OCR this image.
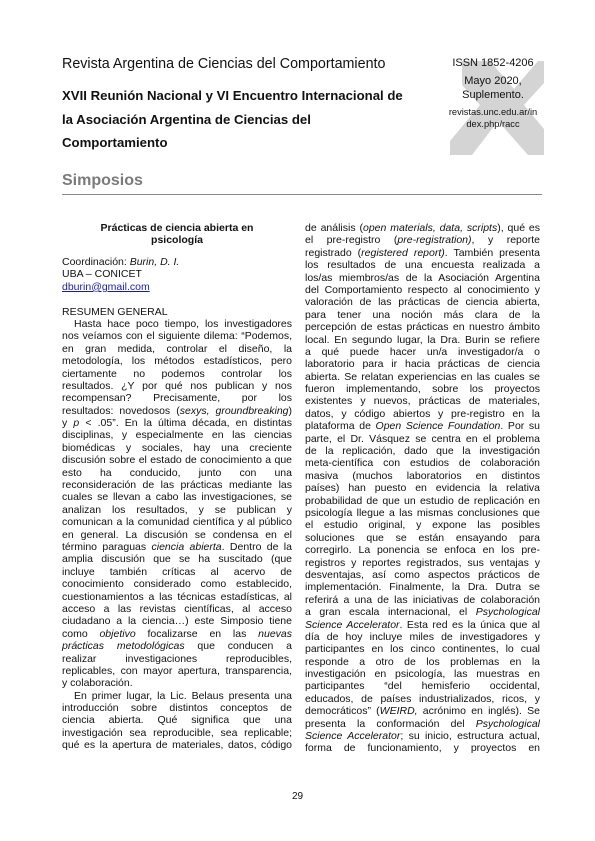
Revista Argentina de Ciencias del Comportamiento
XVII Reunión Nacional y VI Encuentro Internacional de
la Asociación Argentina de Ciencias del
Comportamiento
ISSN 1852-4206
Mayo 2020,
Suplemento.
revistas.unc.edu.ar/in
dex.php/racc
Simposios
Prácticas de ciencia abierta en
psicología
Coordinación: Burin, D. I.
UBA – CONICET
dburin@gmail.com
RESUMEN GENERAL
Hasta hace poco tiempo, los investigadores
nos veíamos con el siguiente dilema: “Podemos,
en gran medida, controlar el diseño, la
metodología, los métodos estadísticos, pero
ciertamente no podemos controlar los
resultados. ¿Y por qué nos publican y nos
recompensan? Precisamente, por los
resultados: novedosos (sexys, groundbreaking)
y p < .05”. En la última década, en distintas
disciplinas, y especialmente en las ciencias
biomédicas y sociales, hay una creciente
discusión sobre el estado de conocimiento a que
esto ha conducido, junto con una
reconsideración de las prácticas mediante las
cuales se llevan a cabo las investigaciones, se
analizan los resultados, y se publican y
comunican a la comunidad científica y al público
en general. La discusión se condensa en el
término paraguas ciencia abierta. Dentro de la
amplia discusión que se ha suscitado (que
incluye también críticas al acervo de
conocimiento considerado como establecido,
cuestionamientos a las técnicas estadísticas, al
acceso a las revistas científicas, al acceso
ciudadano a la ciencia…) este Simposio tiene
como objetivo focalizarse en las nuevas
prácticas metodológicas que conducen a
realizar investigaciones reproducibles,
replicables, con mayor apertura, transparencia,
y colaboración.
En primer lugar, la Lic. Belaus presenta una
introducción sobre distintos conceptos de
ciencia abierta. Qué significa que una
investigación sea reproducible, sea replicable;
qué es la apertura de materiales, datos, código
de análisis (open materials, data, scripts), qué es
el pre-registro (pre-registration), y reporte
registrado (registered report). También presenta
los resultados de una encuesta realizada a
los/as miembros/as de la Asociación Argentina
del Comportamiento respecto al conocimiento y
valoración de las prácticas de ciencia abierta,
para tener una noción más clara de la
percepción de estas prácticas en nuestro ámbito
local. En segundo lugar, la Dra. Burin se refiere
a qué puede hacer un/a investigador/a o
laboratorio para ir hacia prácticas de ciencia
abierta. Se relatan experiencias en las cuales se
fueron implementando, sobre los proyectos
existentes y nuevos, prácticas de materiales,
datos, y código abiertos y pre-registro en la
plataforma de Open Science Foundation. Por su
parte, el Dr. Vásquez se centra en el problema
de la replicación, dado que la investigación
meta-científica con estudios de colaboración
masiva (muchos laboratorios en distintos
países) han puesto en evidencia la relativa
probabilidad de que un estudio de replicación en
psicología llegue a las mismas conclusiones que
el estudio original, y expone las posibles
soluciones que se están ensayando para
corregirlo. La ponencia se enfoca en los pre-
registros y reportes registrados, sus ventajas y
desventajas, así como aspectos prácticos de
implementación. Finalmente, la Dra. Dutra se
referirá a una de las iniciativas de colaboración
a gran escala internacional, el Psychological
Science Accelerator. Esta red es la única que al
día de hoy incluye miles de investigadores y
participantes en los cinco continentes, lo cual
responde a otro de los problemas en la
investigación en psicología, las muestras en
participantes “del hemisferio occidental,
educados, de países industrializados, ricos, y
democráticos” (WEIRD, acrónimo en inglés). Se
presenta la conformación del Psychological
Science Accelerator; su inicio, estructura actual,
forma de funcionamiento, y proyectos en
29
